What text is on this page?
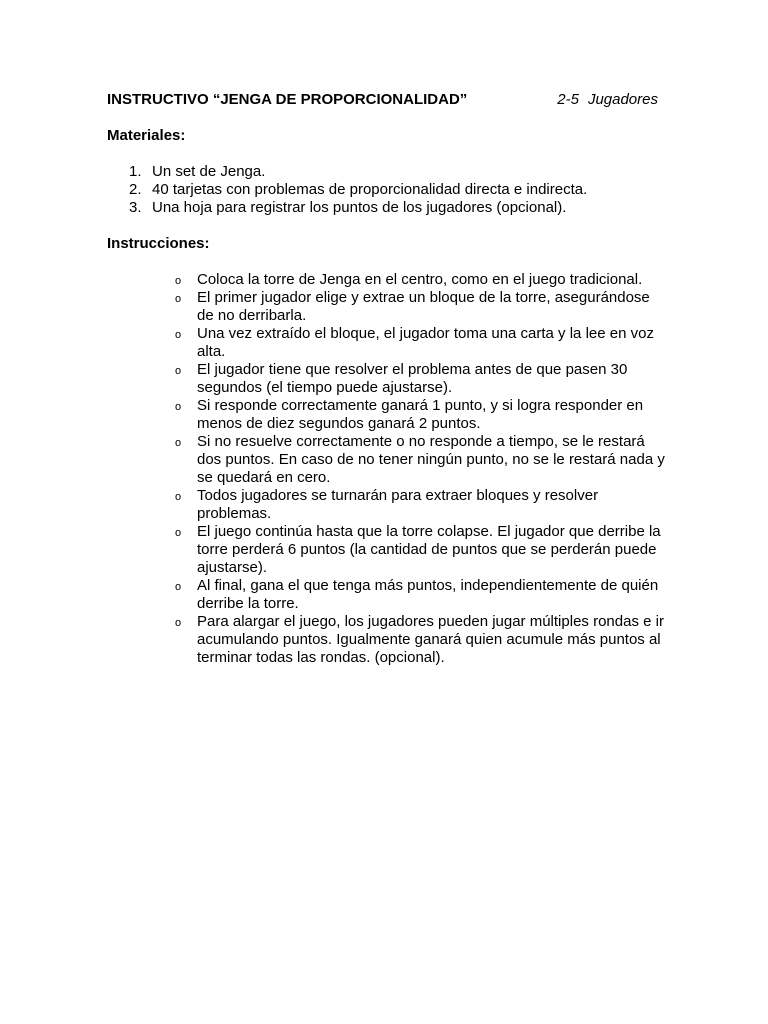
INSTRUCTIVO “JENGA DE PROPORCIONALIDAD”	2-5 Jugadores
Materiales:
1. Un set de Jenga.
2. 40 tarjetas con problemas de proporcionalidad directa e indirecta.
3. Una hoja para registrar los puntos de los jugadores (opcional).
Instrucciones:
o Coloca la torre de Jenga en el centro, como en el juego tradicional.
o El primer jugador elige y extrae un bloque de la torre, asegurándose de no derribarla.
o Una vez extraído el bloque, el jugador toma una carta y la lee en voz alta.
o El jugador tiene que resolver el problema antes de que pasen 30 segundos (el tiempo puede ajustarse).
o Si responde correctamente ganará 1 punto, y si logra responder en menos de diez segundos ganará 2 puntos.
o Si no resuelve correctamente o no responde a tiempo, se le restará dos puntos. En caso de no tener ningún punto, no se le restará nada y se quedará en cero.
o Todos jugadores se turnarán para extraer bloques y resolver problemas.
o El juego continúa hasta que la torre colapse. El jugador que derribe la torre perderá 6 puntos (la cantidad de puntos que se perderán puede ajustarse).
o Al final, gana el que tenga más puntos, independientemente de quién derribe la torre.
o Para alargar el juego, los jugadores pueden jugar múltiples rondas e ir acumulando puntos. Igualmente ganará quien acumule más puntos al terminar todas las rondas. (opcional).
